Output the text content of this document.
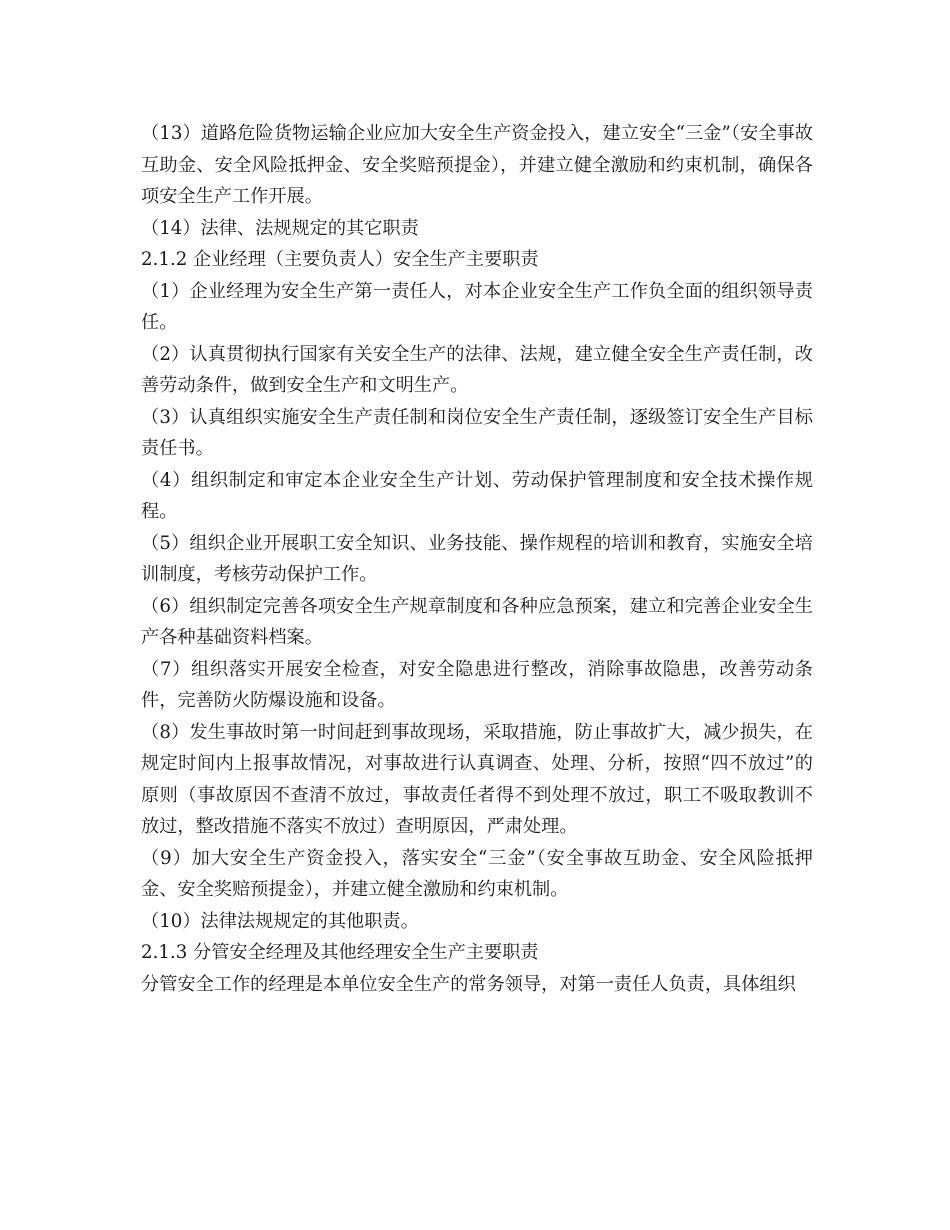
（13）道路危险货物运输企业应加大安全生产资金投入，建立安全“三金”（安全事故互助金、安全风险抵押金、安全奖赔预提金），并建立健全激励和约束机制，确保各项安全生产工作开展。

（14）法律、法规规定的其它职责

2.1.2 企业经理（主要负责人）安全生产主要职责

（1）企业经理为安全生产第一责任人，对本企业安全生产工作负全面的组织领导责任。

（2）认真贯彻执行国家有关安全生产的法律、法规，建立健全安全生产责任制，改善劳动条件，做到安全生产和文明生产。

（3）认真组织实施安全生产责任制和岗位安全生产责任制，逐级签订安全生产目标责任书。

（4）组织制定和审定本企业安全生产计划、劳动保护管理制度和安全技术操作规程。

（5）组织企业开展职工安全知识、业务技能、操作规程的培训和教育，实施安全培训制度，考核劳动保护工作。

（6）组织制定完善各项安全生产规章制度和各种应急预案，建立和完善企业安全生产各种基础资料档案。

（7）组织落实开展安全检查，对安全隐患进行整改，消除事故隐患，改善劳动条件，完善防火防爆设施和设备。

（8）发生事故时第一时间赶到事故现场，采取措施，防止事故扩大，减少损失，在规定时间内上报事故情况，对事故进行认真调查、处理、分析，按照“四不放过”的原则（事故原因不查清不放过，事故责任者得不到处理不放过，职工不吸取教训不放过，整改措施不落实不放过）查明原因，严肃处理。

（9）加大安全生产资金投入，落实安全“三金”（安全事故互助金、安全风险抵押金、安全奖赔预提金），并建立健全激励和约束机制。

（10）法律法规规定的其他职责。

2.1.3 分管安全经理及其他经理安全生产主要职责

分管安全工作的经理是本单位安全生产的常务领导，对第一责任人负责，具体组织
